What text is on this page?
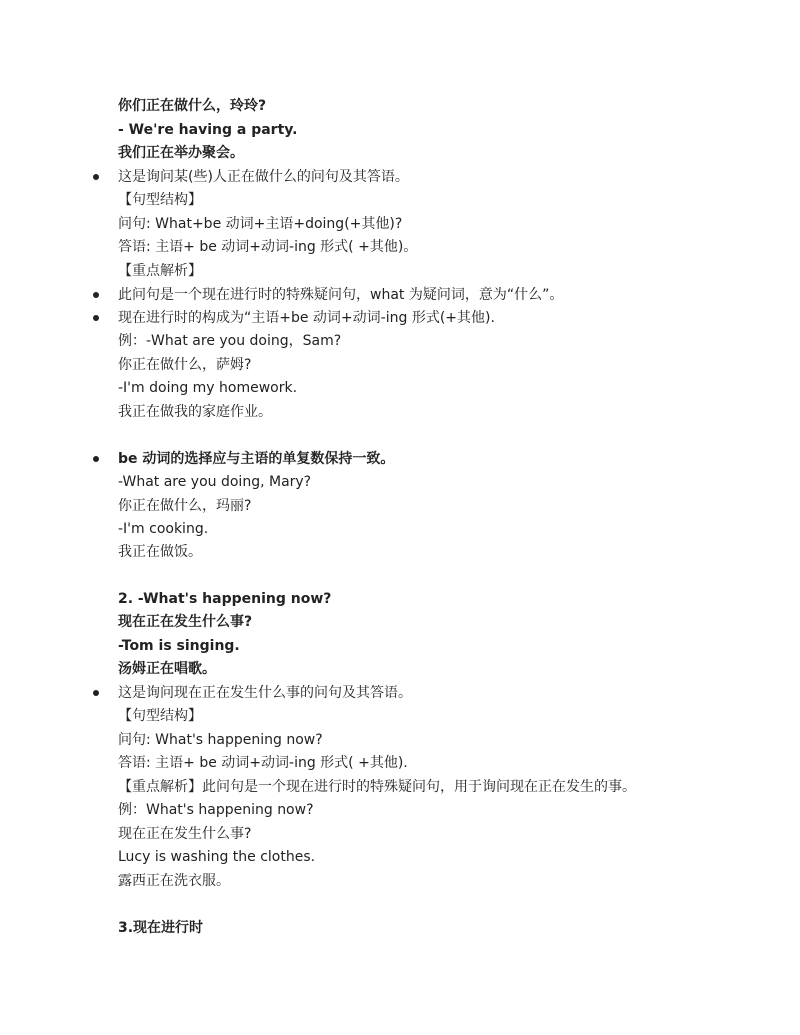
你们正在做什么，玲玲?
- We're having a party.
我们正在举办聚会。
这是询问某(些)人正在做什么的问句及其答语。
【句型结构】
问句: What+be 动词+主语+doing(+其他)?
答语: 主语+ be 动词+动词-ing 形式( +其他)。
【重点解析】
此问句是一个现在进行时的特殊疑问句，what 为疑问词，意为“什么”。
现在进行时的构成为“主语+be 动词+动词-ing 形式(+其他).
例：-What are you doing，Sam?
你正在做什么，萨姆?
-I'm doing my homework.
我正在做我的家庭作业。
be 动词的选择应与主语的单复数保持一致。
-What are you doing, Mary?
你正在做什么，玛丽?
-I'm cooking.
我正在做饭。
2. -What's happening now?
现在正在发生什么事?
-Tom is singing.
汤姆正在唱歌。
这是询问现在正在发生什么事的问句及其答语。
【句型结构】
问句: What's happening now?
答语: 主语+ be 动词+动词-ing 形式( +其他).
【重点解析】此问句是一个现在进行时的特殊疑问句，用于询问现在正在发生的事。
例：What's happening now?
现在正在发生什么事?
Lucy is washing the clothes.
露西正在洗衣服。
3.现在进行时
